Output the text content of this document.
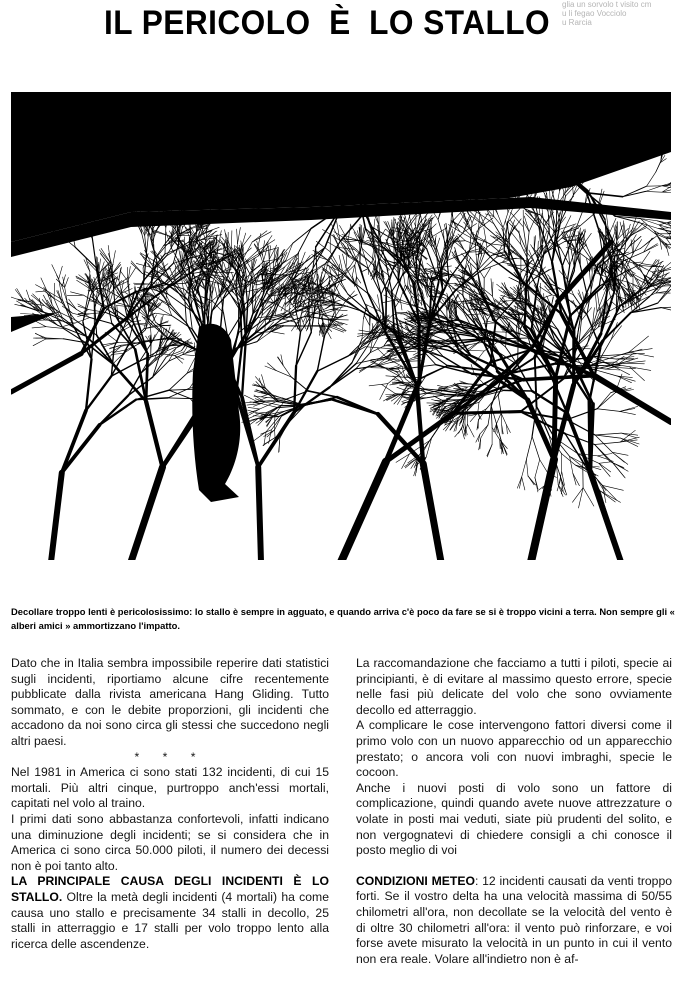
glia un sorvolo t visito cm
u li fegao Vocciolo
u Rarcia
IL PERICOLO  È  LO STALLO

Decollare troppo lenti è pericolosissimo: lo stallo è sempre in agguato, e quando arriva c'è poco da fare se si è troppo vicini a terra. Non sempre gli « alberi amici » ammortizzano l'impatto.

Dato che in Italia sembra impossibile reperire dati statistici sugli incidenti, riportiamo alcune cifre recentemente pubblicate dalla rivista americana Hang Gliding. Tutto sommato, e con le debite proporzioni, gli incidenti che accadono da noi sono circa gli stessi che succedono negli altri paesi.

* * *

Nel 1981 in America ci sono stati 132 incidenti, di cui 15 mortali. Più altri cinque, purtroppo anch'essi mortali, capitati nel volo al traino.

I primi dati sono abbastanza confortevoli, infatti indicano una diminuzione degli incidenti; se si considera che in America ci sono circa 50.000 piloti, il numero dei decessi non è poi tanto alto.

LA PRINCIPALE CAUSA DEGLI INCIDENTI È LO STALLO. Oltre la metà degli incidenti (4 mortali) ha come causa uno stallo e precisamente 34 stalli in decollo, 25 stalli in atterraggio e 17 stalli per volo troppo lento alla ricerca delle ascendenze.

La raccomandazione che facciamo a tutti i piloti, specie ai principianti, è di evitare al massimo questo errore, specie nelle fasi più delicate del volo che sono ovviamente decollo ed atterraggio.

A complicare le cose intervengono fattori diversi come il primo volo con un nuovo apparecchio od un apparecchio prestato; o ancora voli con nuovi imbraghi, specie le cocoon.

Anche i nuovi posti di volo sono un fattore di complicazione, quindi quando avete nuove attrezzature o volate in posti mai veduti, siate più prudenti del solito, e non vergognatevi di chiedere consigli a chi conosce il posto meglio di voi

CONDIZIONI METEO: 12 incidenti causati da venti troppo forti. Se il vostro delta ha una velocità massima di 50/55 chilometri all'ora, non decollate se la velocità del vento è di oltre 30 chilometri all'ora: il vento può rinforzare, e voi forse avete misurato la velocità in un punto in cui il vento non era reale. Volare all'indietro non è af-
